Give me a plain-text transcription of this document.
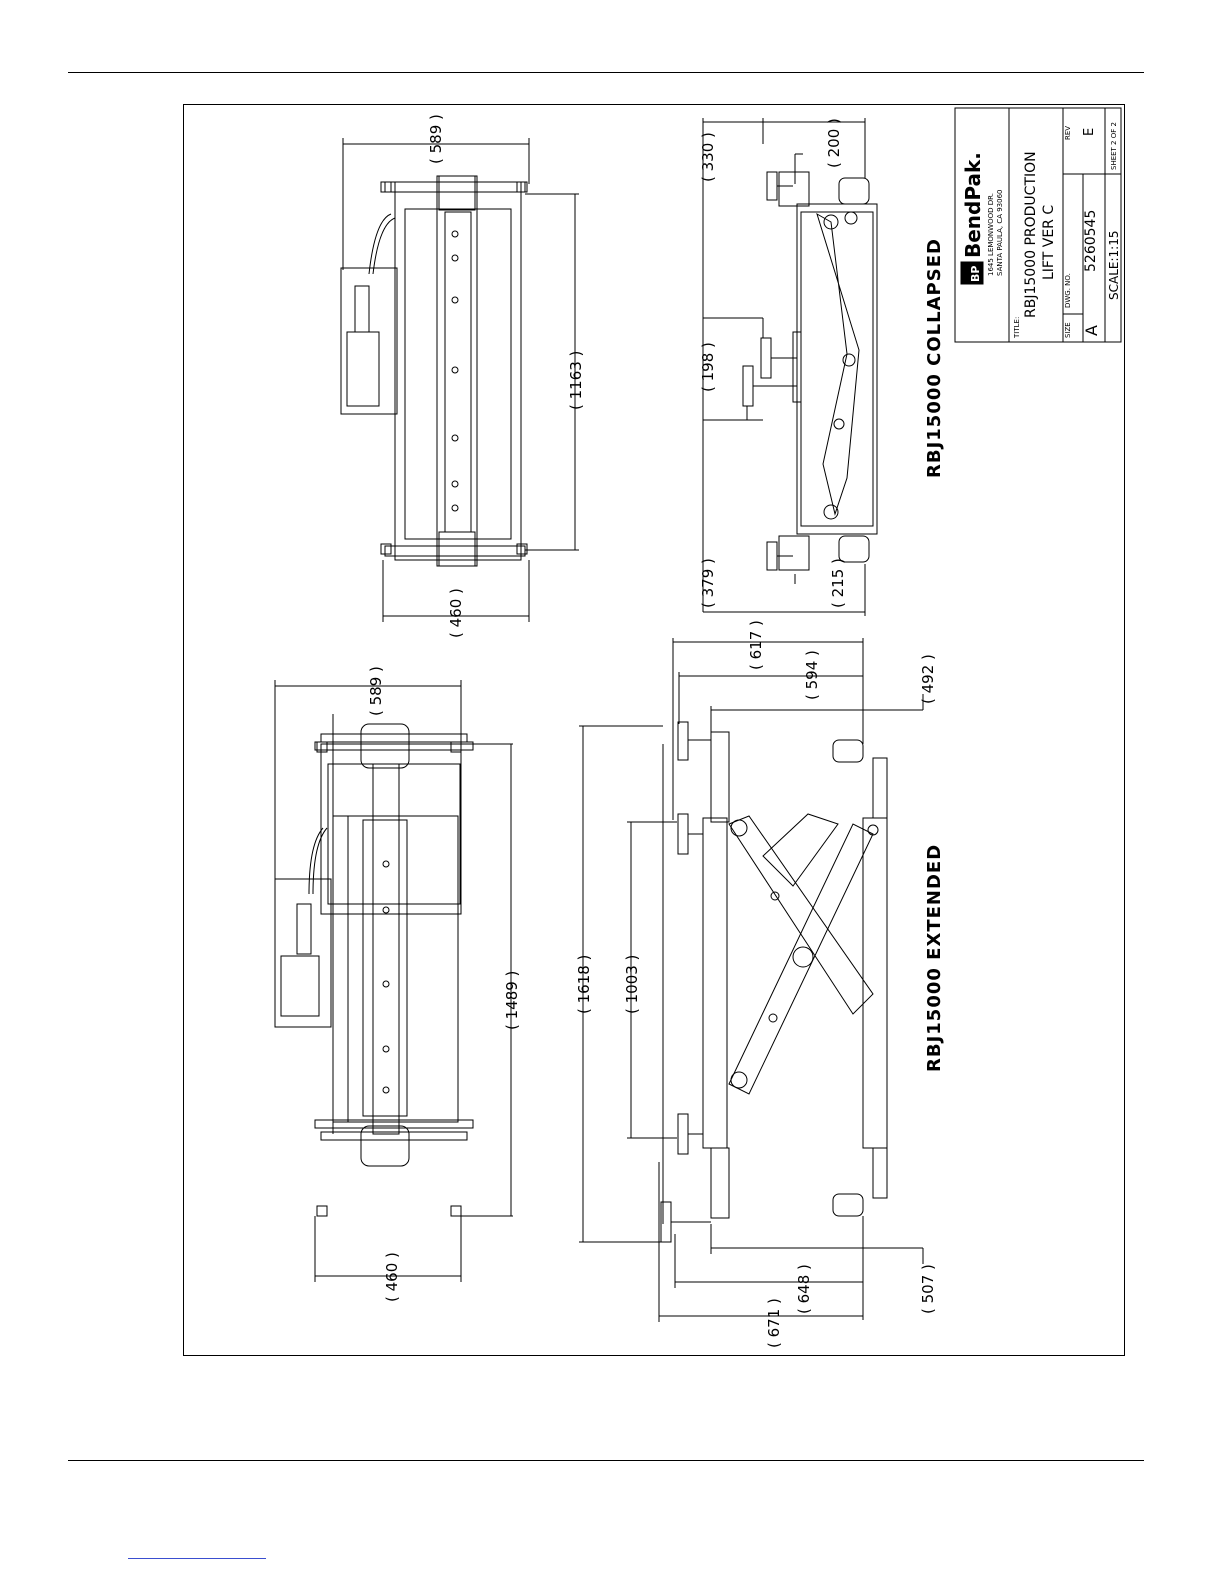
RBJ15000 COLLAPSED
RBJ15000 EXTENDED
BP
BendPak. 1645 LEMONWOOD DR. SANTA PAULA, CA 93060
TITLE:
RBJ15000 PRODUCTION LIFT VER C
REV E
SIZE A
DWG. NO.
5260545 SCALE:1:15
SHEET 2 OF 2
( 589 )
( 1163 )
( 460 )
( 330 )	( 200 )
( 198 )
( 379 )	( 215 )
( 589 )
( 1489 )
( 460 )
( 1618 ) ( 1003 )
( 617 )
( 594 )	( 492 )
( 507 )
( 648 )
( 671 )
